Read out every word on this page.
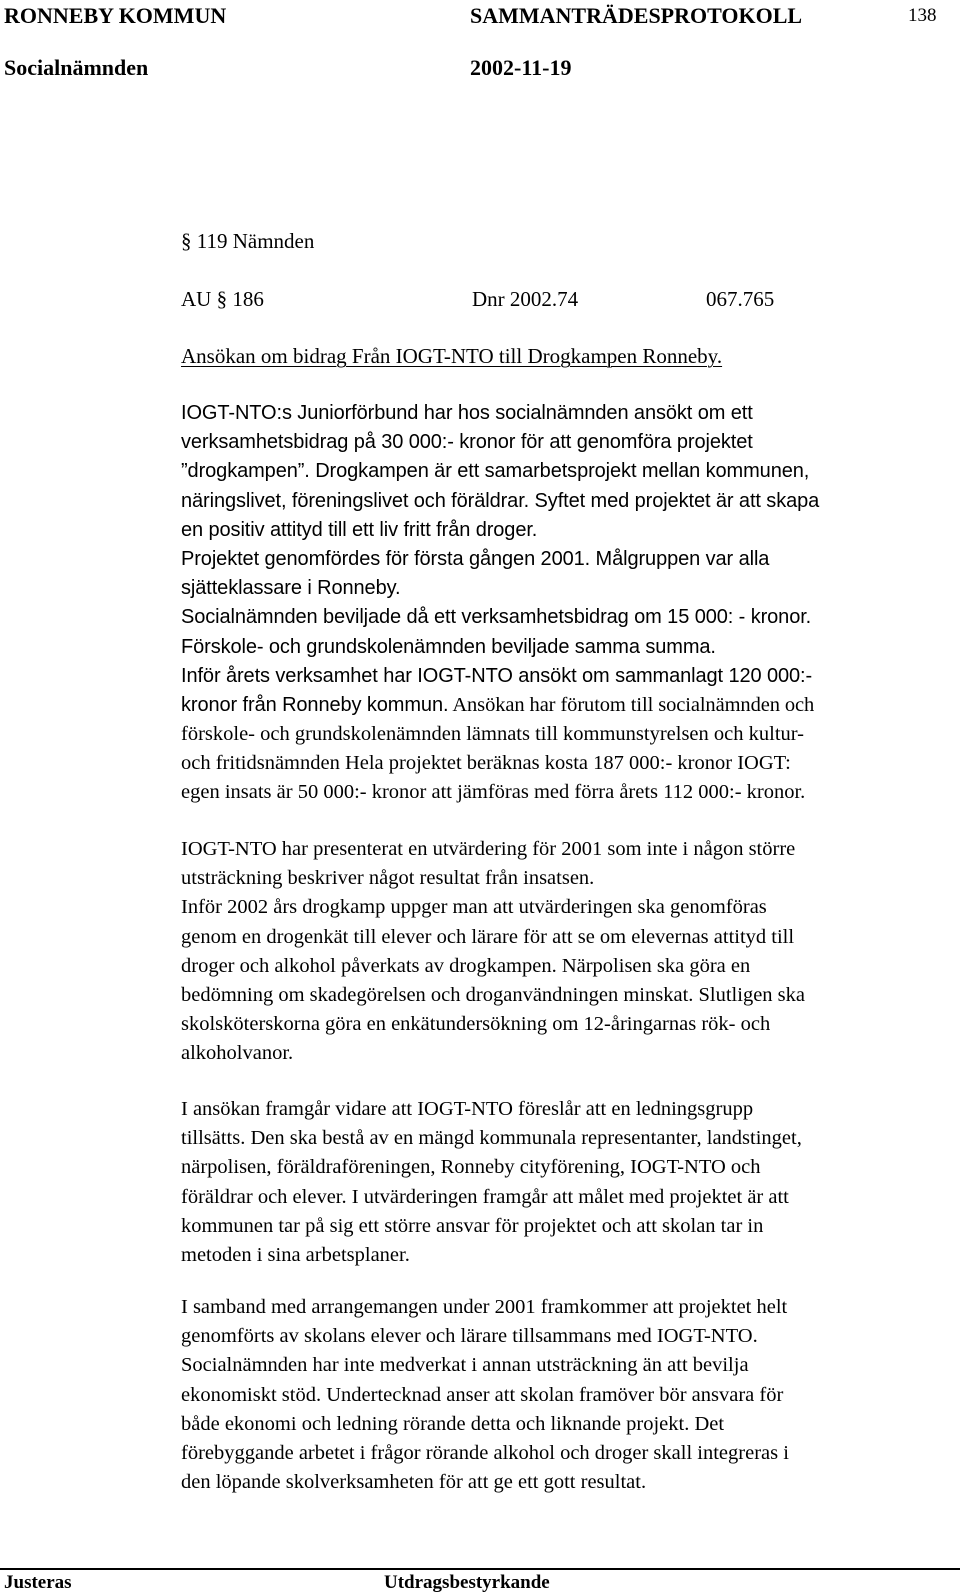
RONNEBY KOMMUN	SAMMANTRÄDESPROTOKOLL	138
Socialnämnden	2002-11-19
§ 119 Nämnden
AU § 186	Dnr 2002.74	067.765
Ansökan om bidrag Från IOGT-NTO till Drogkampen Ronneby.
IOGT-NTO:s Juniorförbund har hos socialnämnden ansökt om ett
verksamhetsbidrag på 30 000:- kronor för att genomföra projektet
”drogkampen”. Drogkampen är ett samarbetsprojekt mellan kommunen,
näringslivet, föreningslivet och föräldrar. Syftet med projektet är att skapa
en positiv attityd till ett liv fritt från droger.
Projektet genomfördes för första gången 2001. Målgruppen var alla
sjätteklassare i Ronneby.
Socialnämnden beviljade då ett verksamhetsbidrag om 15 000: - kronor.
Förskole- och grundskolenämnden beviljade samma summa.
Inför årets verksamhet har IOGT-NTO ansökt om sammanlagt 120 000:-
kronor från Ronneby kommun. Ansökan har förutom till socialnämnden och
förskole- och grundskolenämnden lämnats till kommunstyrelsen och kultur-
och fritidsnämnden Hela projektet beräknas kosta 187 000:- kronor IOGT:
egen insats är 50 000:- kronor att jämföras med förra årets 112 000:- kronor.
IOGT-NTO har presenterat en utvärdering för 2001 som inte i någon större
utsträckning beskriver något resultat från insatsen.
Inför 2002 års drogkamp uppger man att utvärderingen ska genomföras
genom en drogenkät till elever och lärare för att se om elevernas attityd till
droger och alkohol påverkats av drogkampen. Närpolisen ska göra en
bedömning om skadegörelsen och droganvändningen minskat. Slutligen ska
skolsköterskorna göra en enkätundersökning om 12-åringarnas rök- och
alkoholvanor.
I ansökan framgår vidare att IOGT-NTO föreslår att en ledningsgrupp
tillsätts. Den ska bestå av en mängd kommunala representanter, landstinget,
närpolisen, föräldraföreningen, Ronneby cityförening, IOGT-NTO och
föräldrar och elever. I utvärderingen framgår att målet med projektet är att
kommunen tar på sig ett större ansvar för projektet och att skolan tar in
metoden i sina arbetsplaner.
I samband med arrangemangen under 2001 framkommer att projektet helt
genomförts av skolans elever och lärare tillsammans med IOGT-NTO.
Socialnämnden har inte medverkat i annan utsträckning än att bevilja
ekonomiskt stöd. Undertecknad anser att skolan framöver bör ansvara för
både ekonomi och ledning rörande detta och liknande projekt. Det
förebyggande arbetet i frågor rörande alkohol och droger skall integreras i
den löpande skolverksamheten för att ge ett gott resultat.
Justeras	Utdragsbestyrkande
